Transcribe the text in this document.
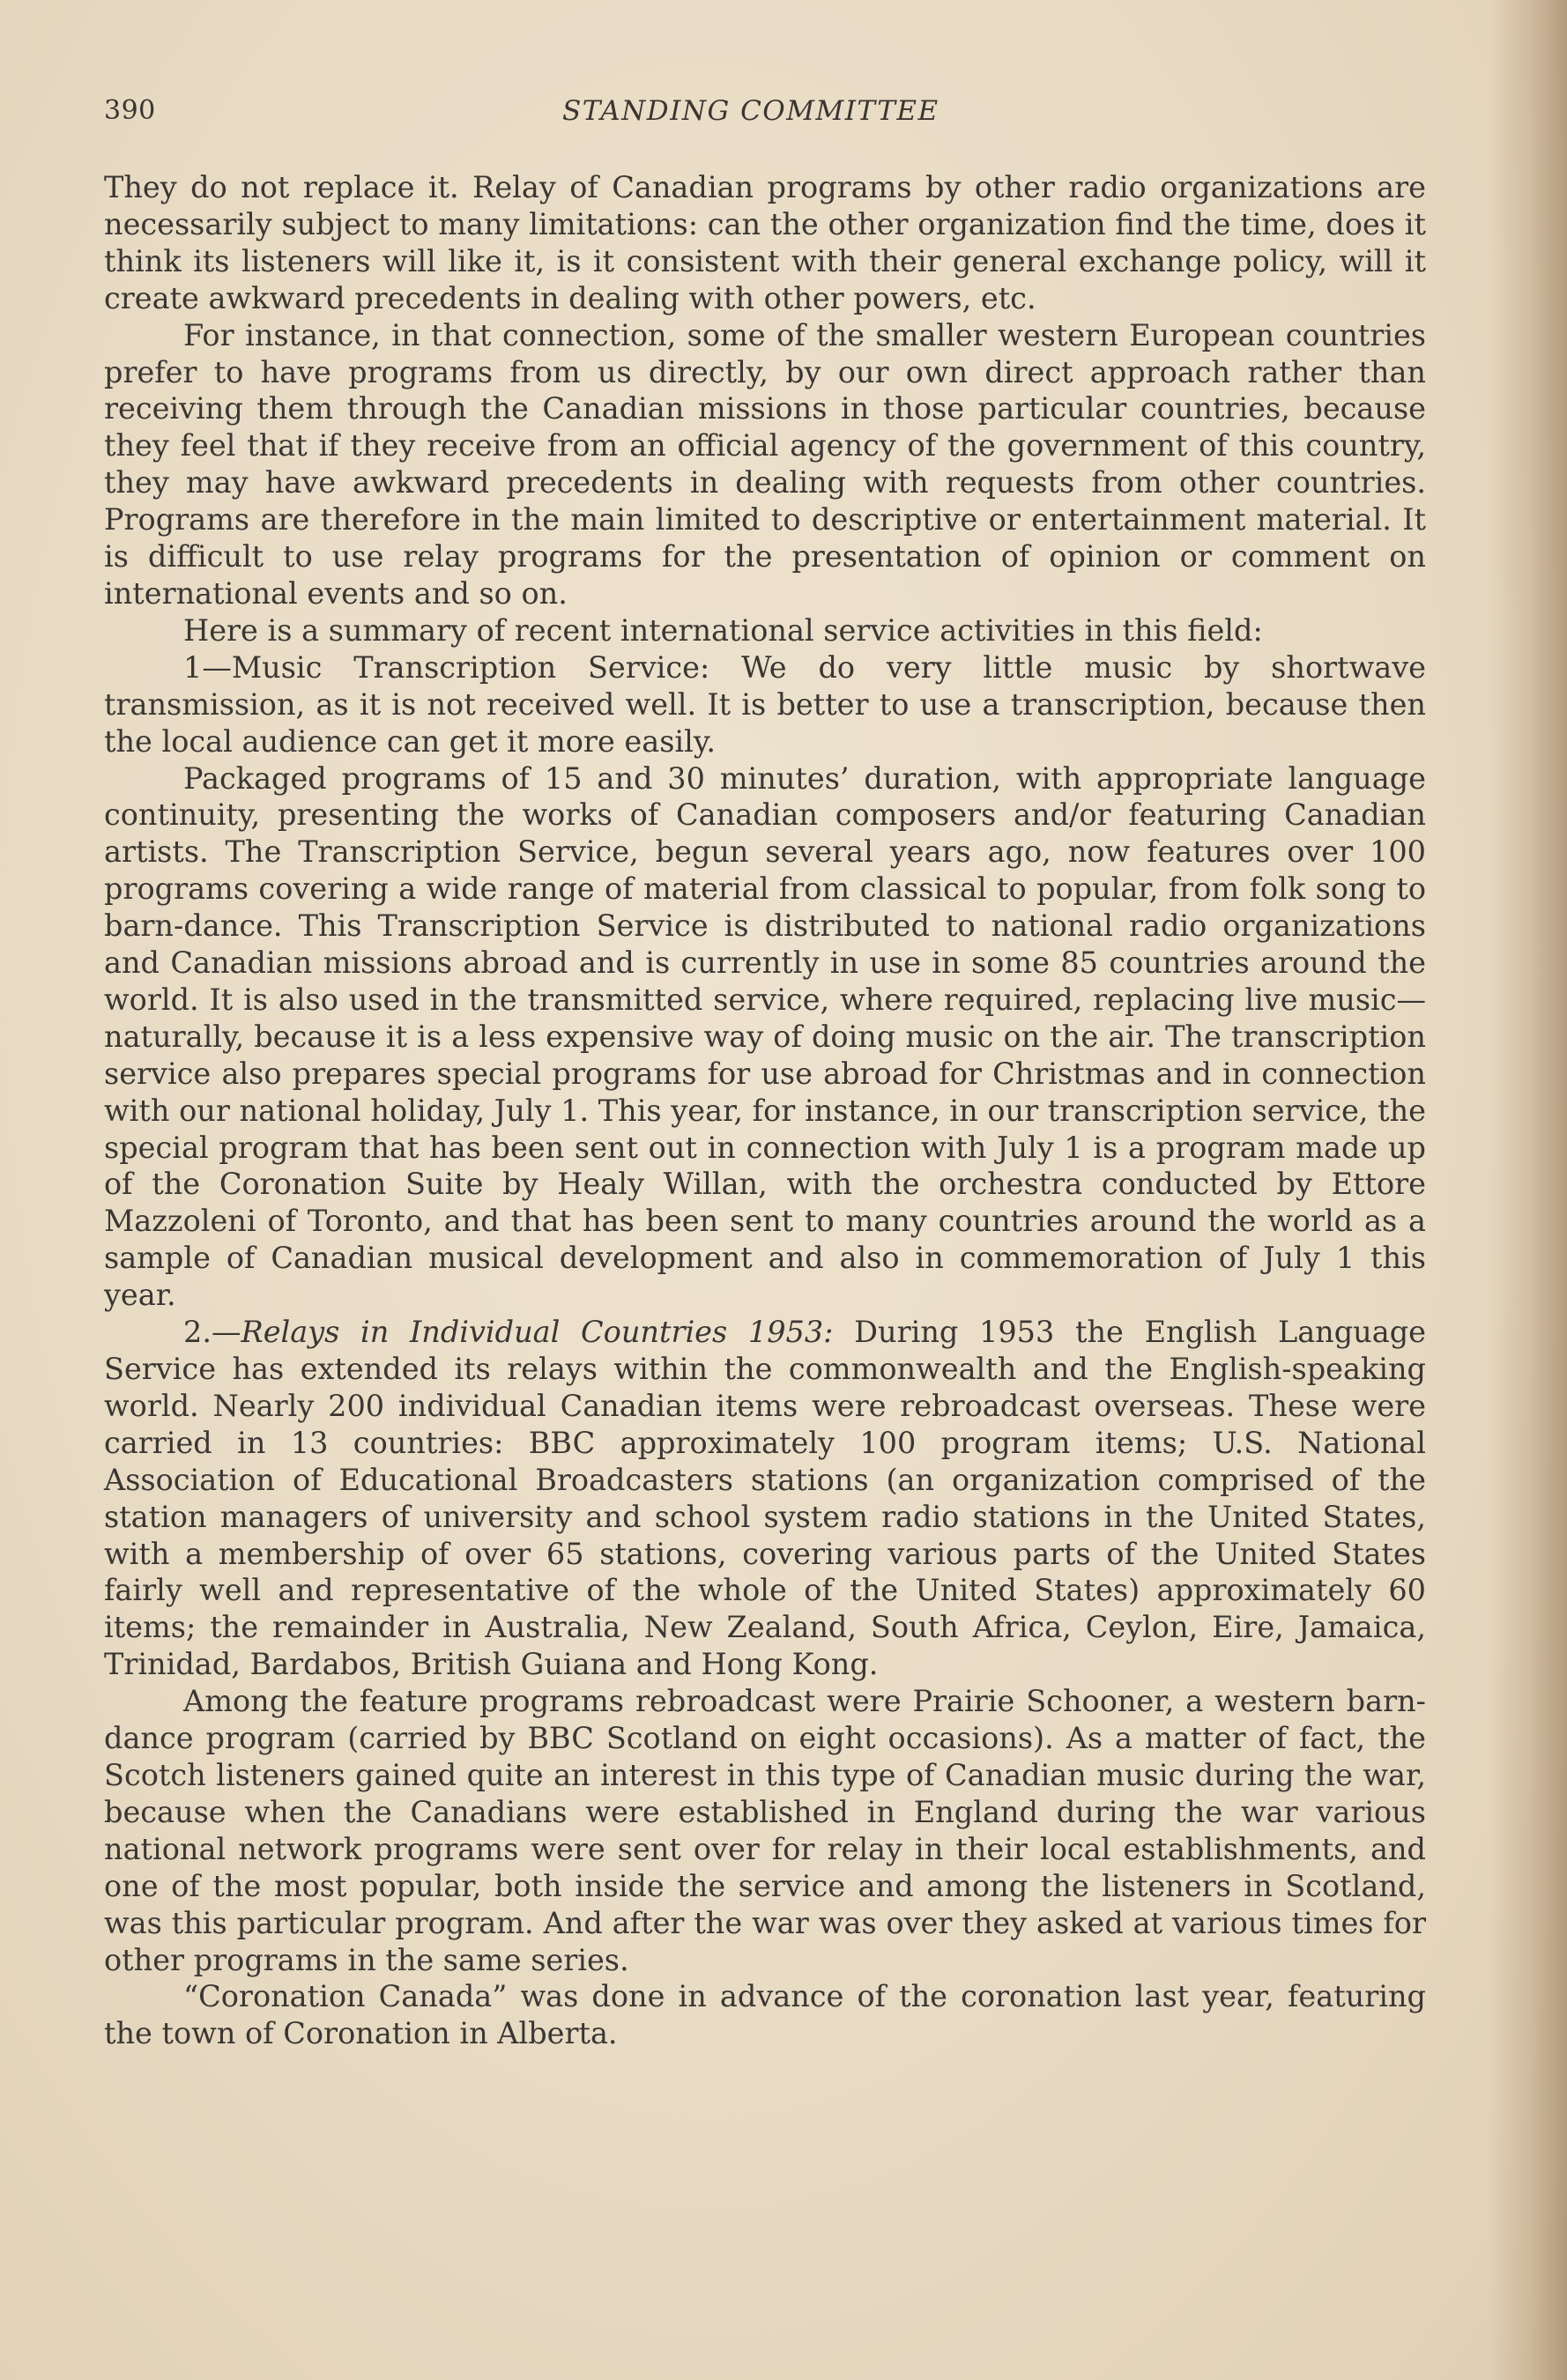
390	STANDING COMMITTEE

They do not replace it. Relay of Canadian programs by other radio organizations are necessarily subject to many limitations: can the other organization find the time, does it think its listeners will like it, is it consistent with their general exchange policy, will it create awkward precedents in dealing with other powers, etc.

For instance, in that connection, some of the smaller western European countries prefer to have programs from us directly, by our own direct approach rather than receiving them through the Canadian missions in those particular countries, because they feel that if they receive from an official agency of the government of this country, they may have awkward precedents in dealing with requests from other countries. Programs are therefore in the main limited to descriptive or entertainment material. It is difficult to use relay programs for the presentation of opinion or comment on international events and so on.

Here is a summary of recent international service activities in this field:

1—Music Transcription Service: We do very little music by shortwave transmission, as it is not received well. It is better to use a transcription, because then the local audience can get it more easily.

Packaged programs of 15 and 30 minutes’ duration, with appropriate language continuity, presenting the works of Canadian composers and/or featuring Canadian artists. The Transcription Service, begun several years ago, now features over 100 programs covering a wide range of material from classical to popular, from folk song to barn-dance. This Transcription Service is distributed to national radio organizations and Canadian missions abroad and is currently in use in some 85 countries around the world. It is also used in the transmitted service, where required, replacing live music—naturally, because it is a less expensive way of doing music on the air. The transcription service also prepares special programs for use abroad for Christmas and in connection with our national holiday, July 1. This year, for instance, in our transcription service, the special program that has been sent out in connection with July 1 is a program made up of the Coronation Suite by Healy Willan, with the orchestra conducted by Ettore Mazzoleni of Toronto, and that has been sent to many countries around the world as a sample of Canadian musical development and also in commemoration of July 1 this year.

2.—Relays in Individual Countries 1953: During 1953 the English Language Service has extended its relays within the commonwealth and the English-speaking world. Nearly 200 individual Canadian items were rebroadcast overseas. These were carried in 13 countries: BBC approximately 100 program items; U.S. National Association of Educational Broadcasters stations (an organization comprised of the station managers of university and school system radio stations in the United States, with a membership of over 65 stations, covering various parts of the United States fairly well and representative of the whole of the United States) approximately 60 items; the remainder in Australia, New Zealand, South Africa, Ceylon, Eire, Jamaica, Trinidad, Bardabos, British Guiana and Hong Kong.

Among the feature programs rebroadcast were Prairie Schooner, a western barn-dance program (carried by BBC Scotland on eight occasions). As a matter of fact, the Scotch listeners gained quite an interest in this type of Canadian music during the war, because when the Canadians were established in England during the war various national network programs were sent over for relay in their local establishments, and one of the most popular, both inside the service and among the listeners in Scotland, was this particular program. And after the war was over they asked at various times for other programs in the same series.

“Coronation Canada” was done in advance of the coronation last year, featuring the town of Coronation in Alberta.
